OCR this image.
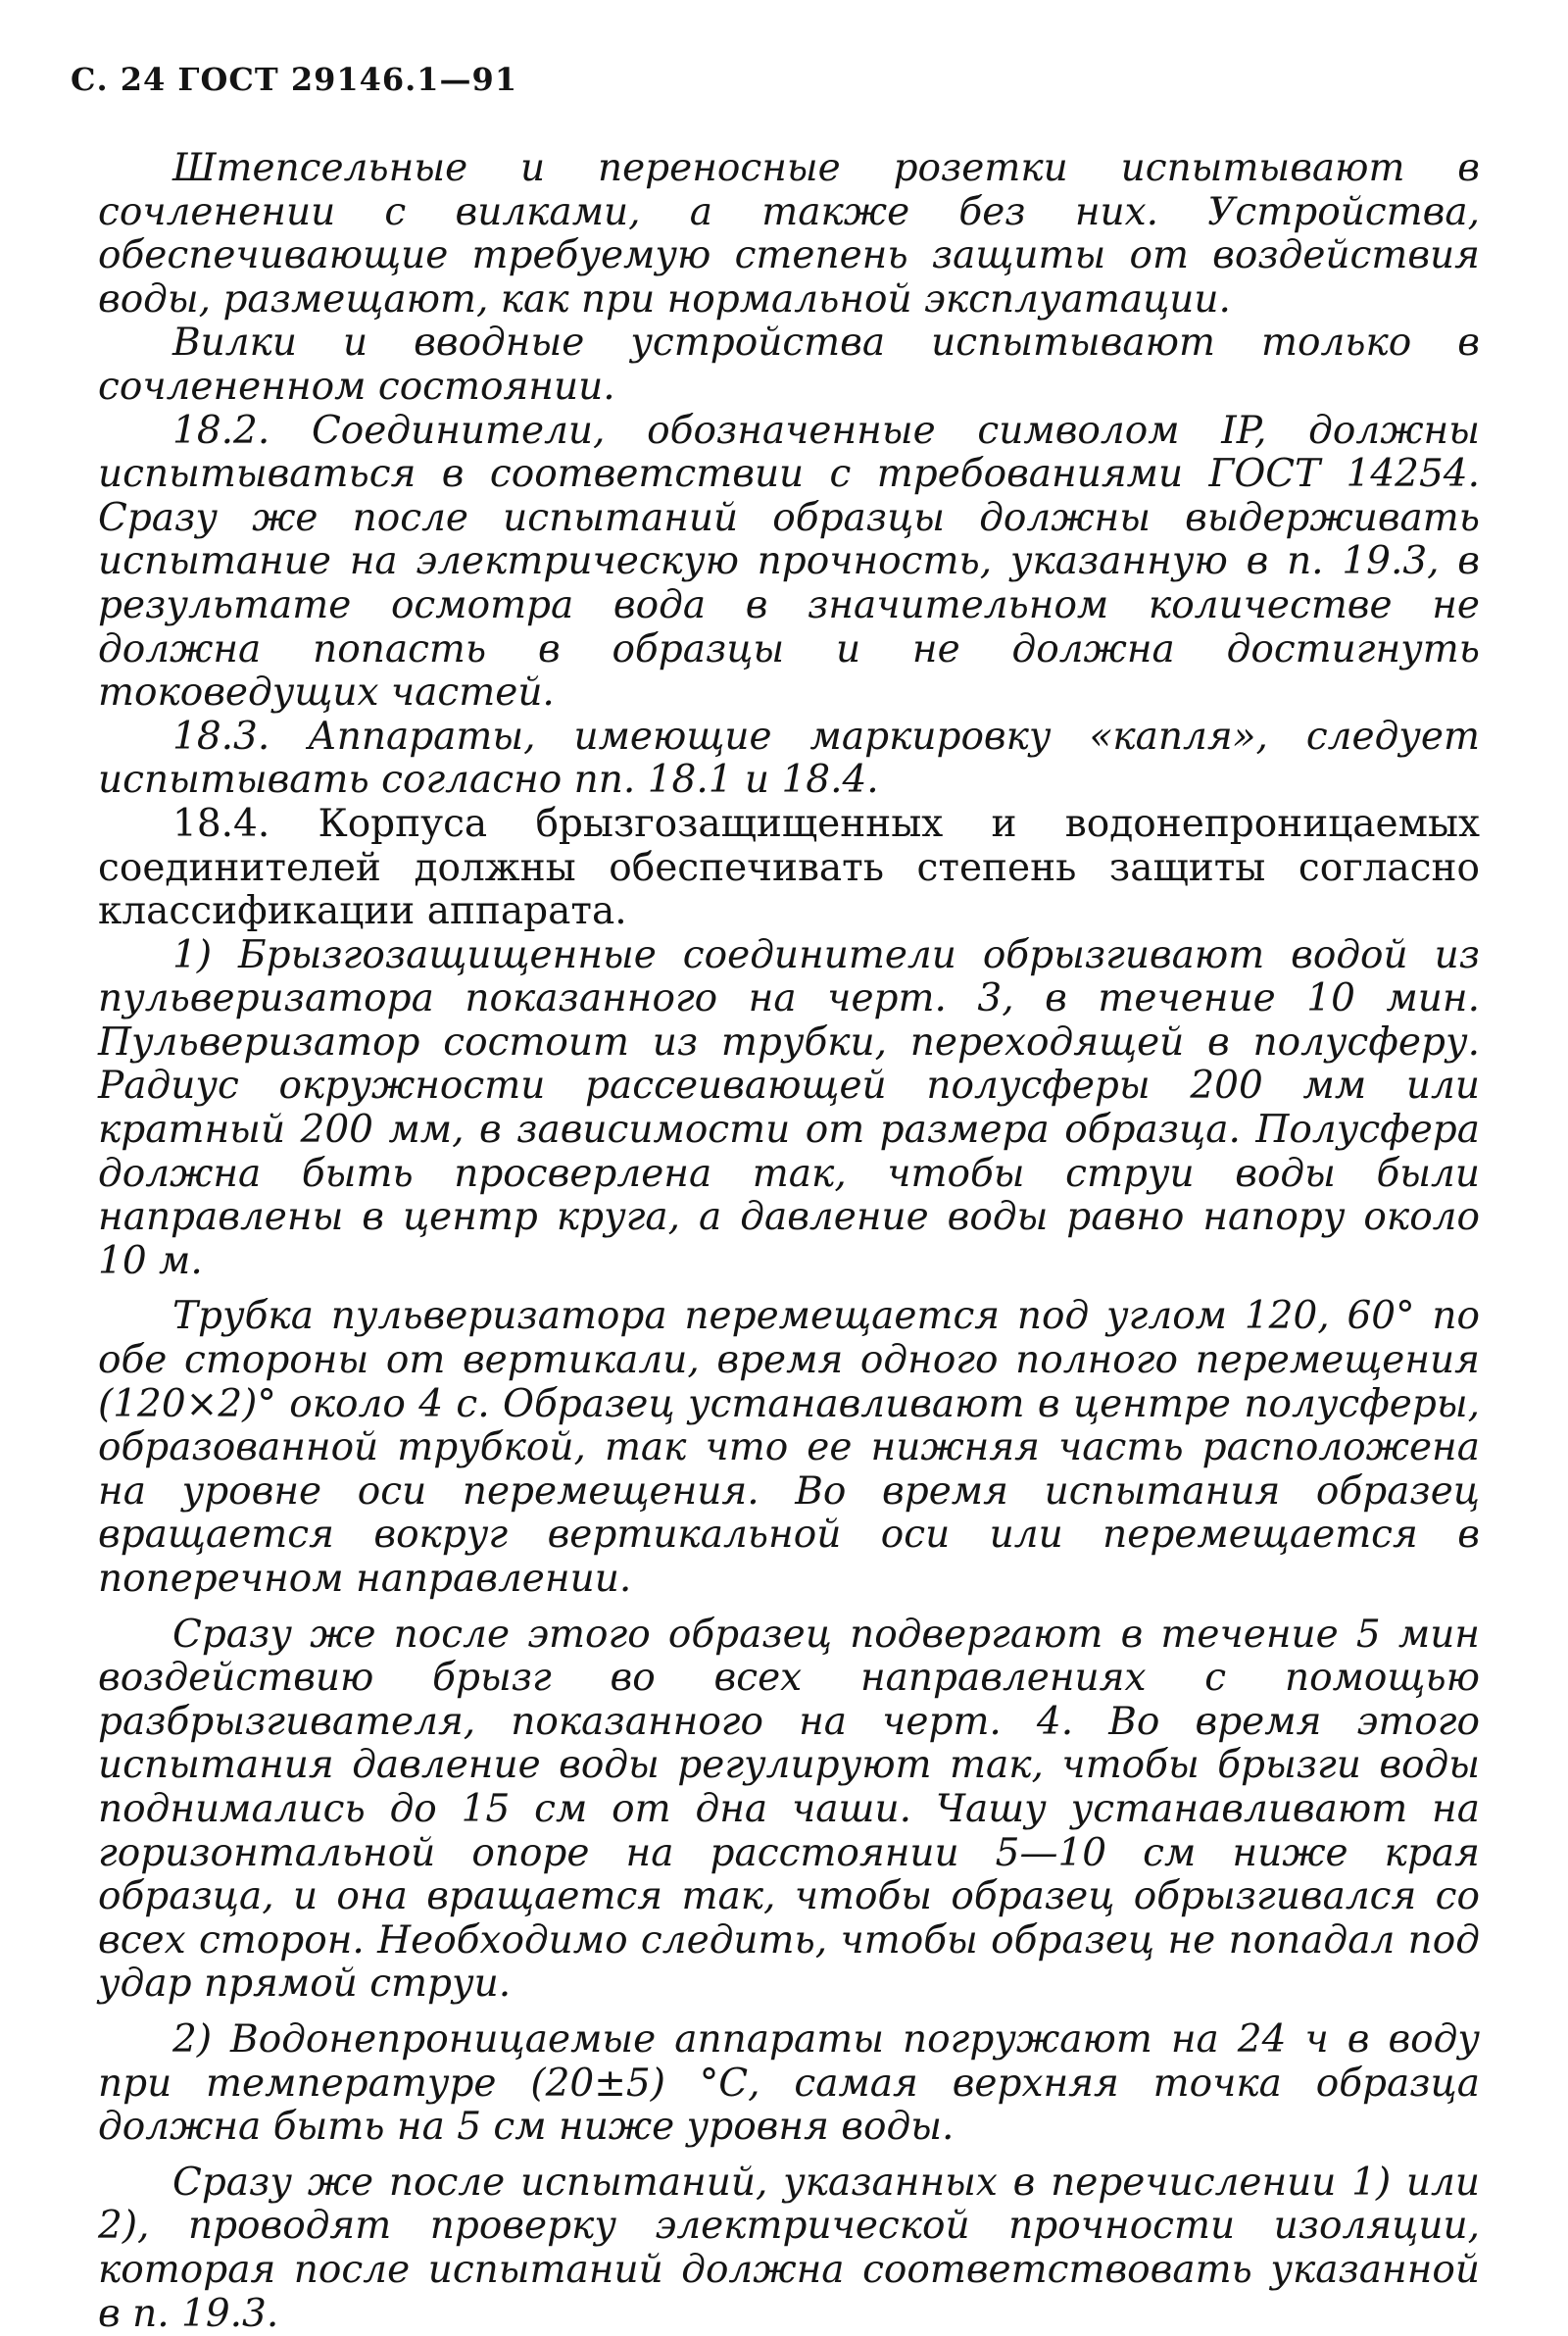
С. 24 ГОСТ 29146.1—91

Штепсельные и переносные розетки испытывают в сочленении с вилками, а также без них. Устройства, обеспечивающие требуемую степень защиты от воздействия воды, размещают, как при нормальной эксплуатации.

Вилки и вводные устройства испытывают только в сочлененном состоянии.

18.2. Соединители, обозначенные символом IP, должны испытываться в соответствии с требованиями ГОСТ 14254. Сразу же после испытаний образцы должны выдерживать испытание на электрическую прочность, указанную в п. 19.3, в результате осмотра вода в значительном количестве не должна попасть в образцы и не должна достигнуть токоведущих частей.

18.3. Аппараты, имеющие маркировку «капля», следует испытывать согласно пп. 18.1 и 18.4.

18.4. Корпуса брызгозащищенных и водонепроницаемых соединителей должны обеспечивать степень защиты согласно классификации аппарата.

1) Брызгозащищенные соединители обрызгивают водой из пульверизатора показанного на черт. 3, в течение 10 мин. Пульверизатор состоит из трубки, переходящей в полусферу. Радиус окружности рассеивающей полусферы 200 мм или кратный 200 мм, в зависимости от размера образца. Полусфера должна быть просверлена так, чтобы струи воды были направлены в центр круга, а давление воды равно напору около 10 м.

Трубка пульверизатора перемещается под углом 120, 60° по обе стороны от вертикали, время одного полного перемещения (120×2)° около 4 с. Образец устанавливают в центре полусферы, образованной трубкой, так что ее нижняя часть расположена на уровне оси перемещения. Во время испытания образец вращается вокруг вертикальной оси или перемещается в поперечном направлении.

Сразу же после этого образец подвергают в течение 5 мин воздействию брызг во всех направлениях с помощью разбрызгивателя, показанного на черт. 4. Во время этого испытания давление воды регулируют так, чтобы брызги воды поднимались до 15 см от дна чаши. Чашу устанавливают на горизонтальной опоре на расстоянии 5—10 см ниже края образца, и она вращается так, чтобы образец обрызгивался со всех сторон. Необходимо следить, чтобы образец не попадал под удар прямой струи.

2) Водонепроницаемые аппараты погружают на 24 ч в воду при температуре (20±5) °С, самая верхняя точка образца должна быть на 5 см ниже уровня воды.

Сразу же после испытаний, указанных в перечислении 1) или 2), проводят проверку электрической прочности изоляции, которая после испытаний должна соответствовать указанной в п. 19.3.
